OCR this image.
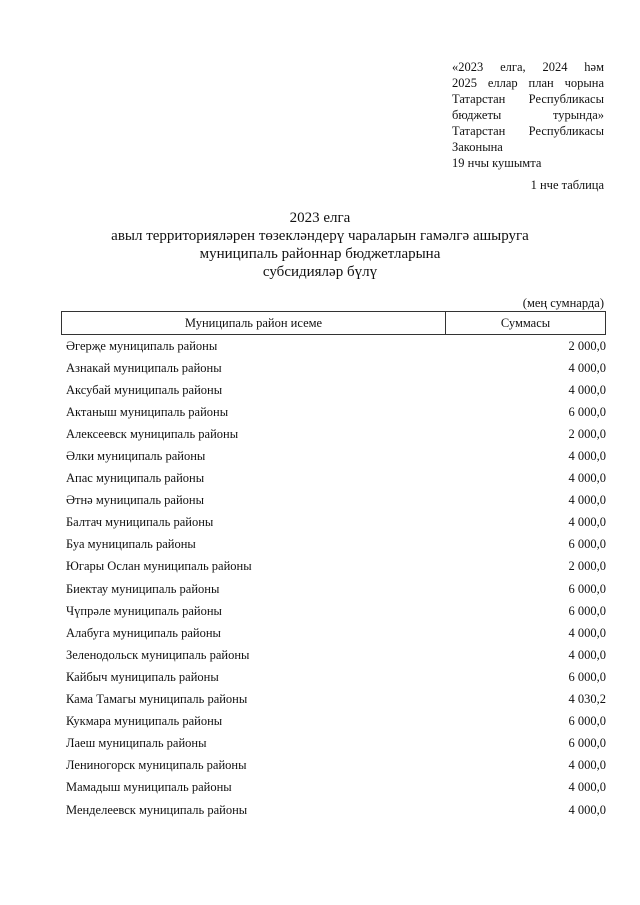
«2023 елга, 2024 һәм
2025 еллар план чорына
Татарстан Республикасы
бюджеты турында»
Татарстан Республикасы
Законына
19 нчы кушымта
1 нче таблица
2023 елга
авыл территорияләрен төзекләндерү чараларын гамәлгә ашыруга
муниципаль районнар бюджетларына
субсидияләр бүлү
(мең сумнарда)
Муниципаль район исеме	Суммасы
Әгерҗе муниципаль районы	2 000,0
Азнакай муниципаль районы	4 000,0
Аксубай муниципаль районы	4 000,0
Актаныш муниципаль районы	6 000,0
Алексеевск муниципаль районы	2 000,0
Әлки муниципаль районы	4 000,0
Апас муниципаль районы	4 000,0
Әтнә муниципаль районы	4 000,0
Балтач муниципаль районы	4 000,0
Буа муниципаль районы	6 000,0
Югары Ослан муниципаль районы	2 000,0
Биектау муниципаль районы	6 000,0
Чүпрәле муниципаль районы	6 000,0
Алабуга муниципаль районы	4 000,0
Зеленодольск муниципаль районы	4 000,0
Кайбыч муниципаль районы	6 000,0
Кама Тамагы муниципаль районы	4 030,2
Кукмара муниципаль районы	6 000,0
Лаеш муниципаль районы	6 000,0
Лениногорск муниципаль районы	4 000,0
Мамадыш муниципаль районы	4 000,0
Менделеевск муниципаль районы	4 000,0
